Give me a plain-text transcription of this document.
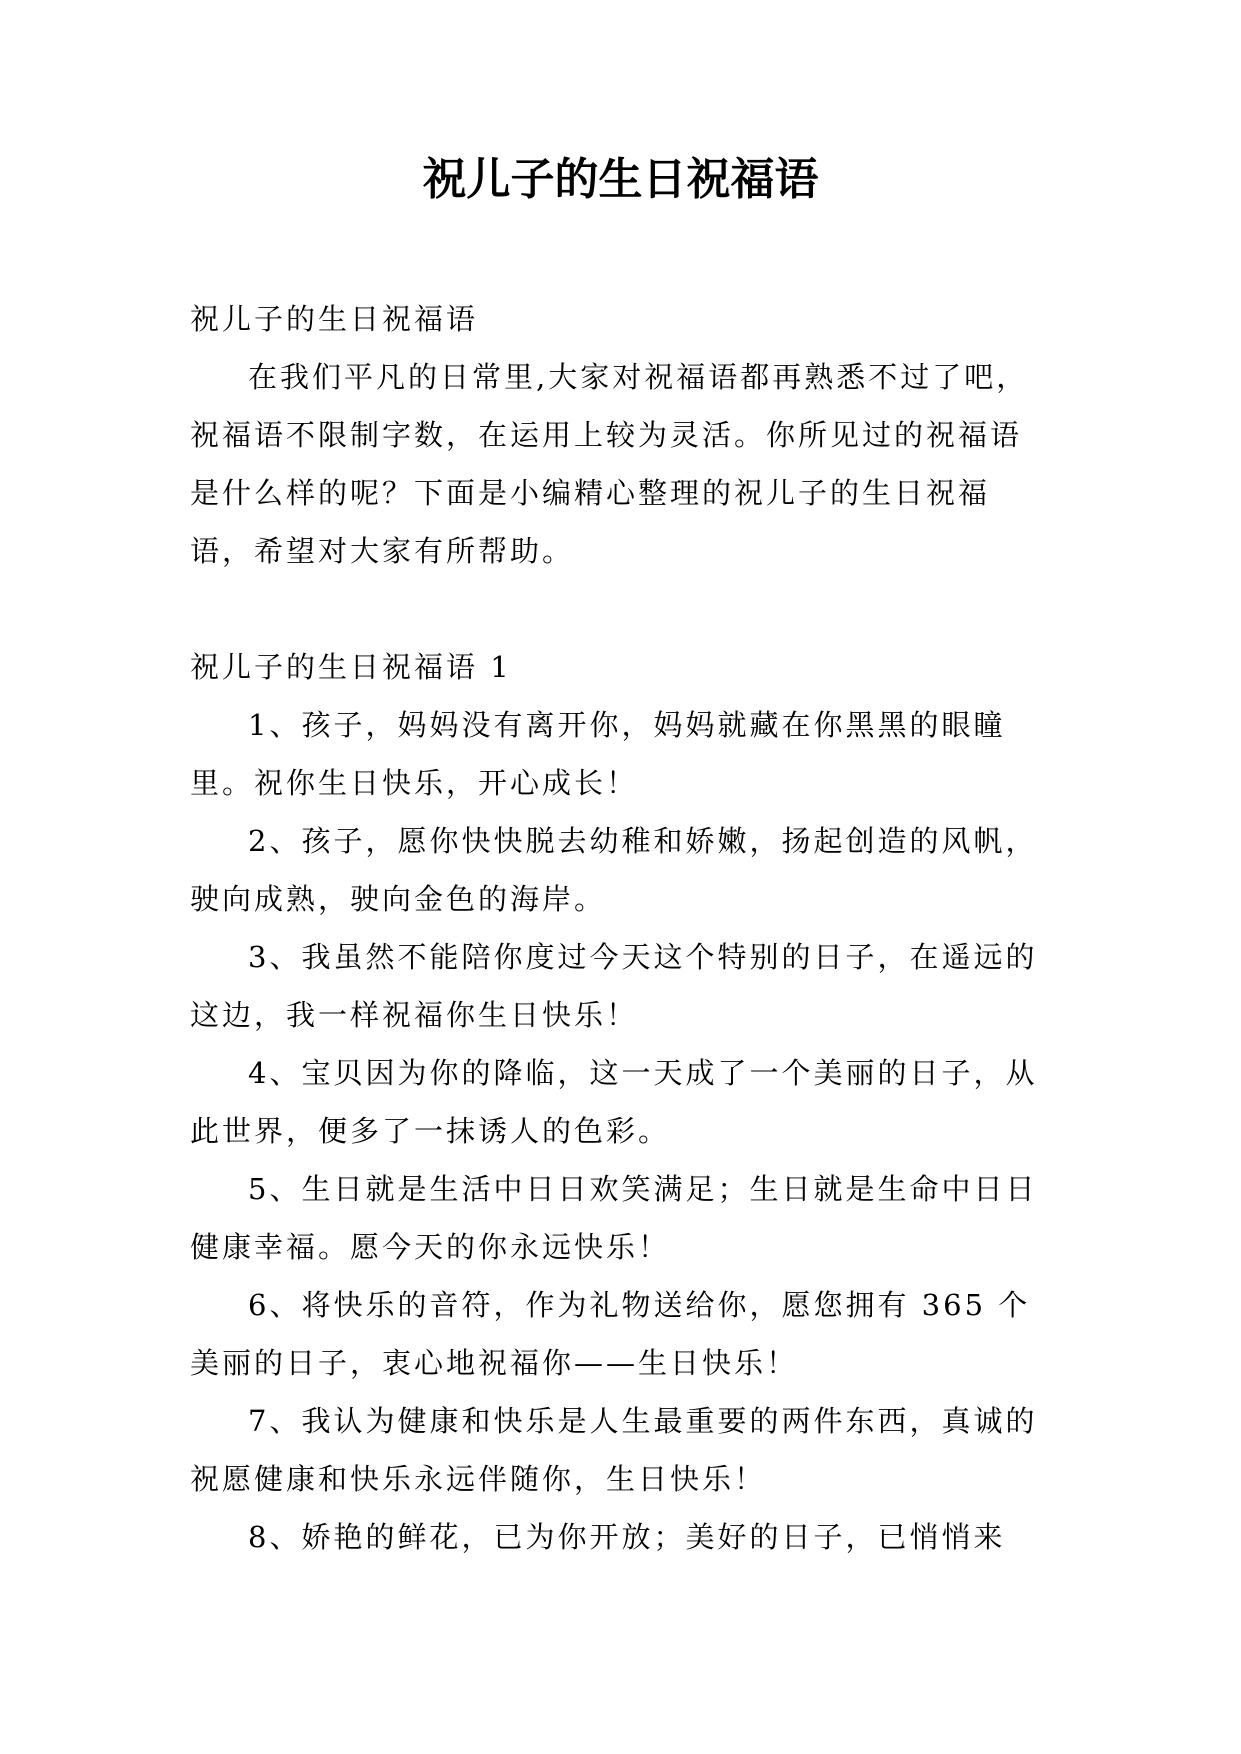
祝儿子的生日祝福语

祝儿子的生日祝福语

在我们平凡的日常里,大家对祝福语都再熟悉不过了吧，祝福语不限制字数，在运用上较为灵活。你所见过的祝福语是什么样的呢？下面是小编精心整理的祝儿子的生日祝福语，希望对大家有所帮助。

祝儿子的生日祝福语 1

1、孩子，妈妈没有离开你，妈妈就藏在你黑黑的眼瞳里。祝你生日快乐，开心成长！

2、孩子，愿你快快脱去幼稚和娇嫩，扬起创造的风帆，驶向成熟，驶向金色的海岸。

3、我虽然不能陪你度过今天这个特别的日子，在遥远的这边，我一样祝福你生日快乐！

4、宝贝因为你的降临，这一天成了一个美丽的日子，从此世界，便多了一抹诱人的色彩。

5、生日就是生活中日日欢笑满足；生日就是生命中日日健康幸福。愿今天的你永远快乐！

6、将快乐的音符，作为礼物送给你，愿您拥有 365 个美丽的日子，衷心地祝福你——生日快乐！

7、我认为健康和快乐是人生最重要的两件东西，真诚的祝愿健康和快乐永远伴随你，生日快乐！

8、娇艳的鲜花，已为你开放；美好的日子，已悄悄来
